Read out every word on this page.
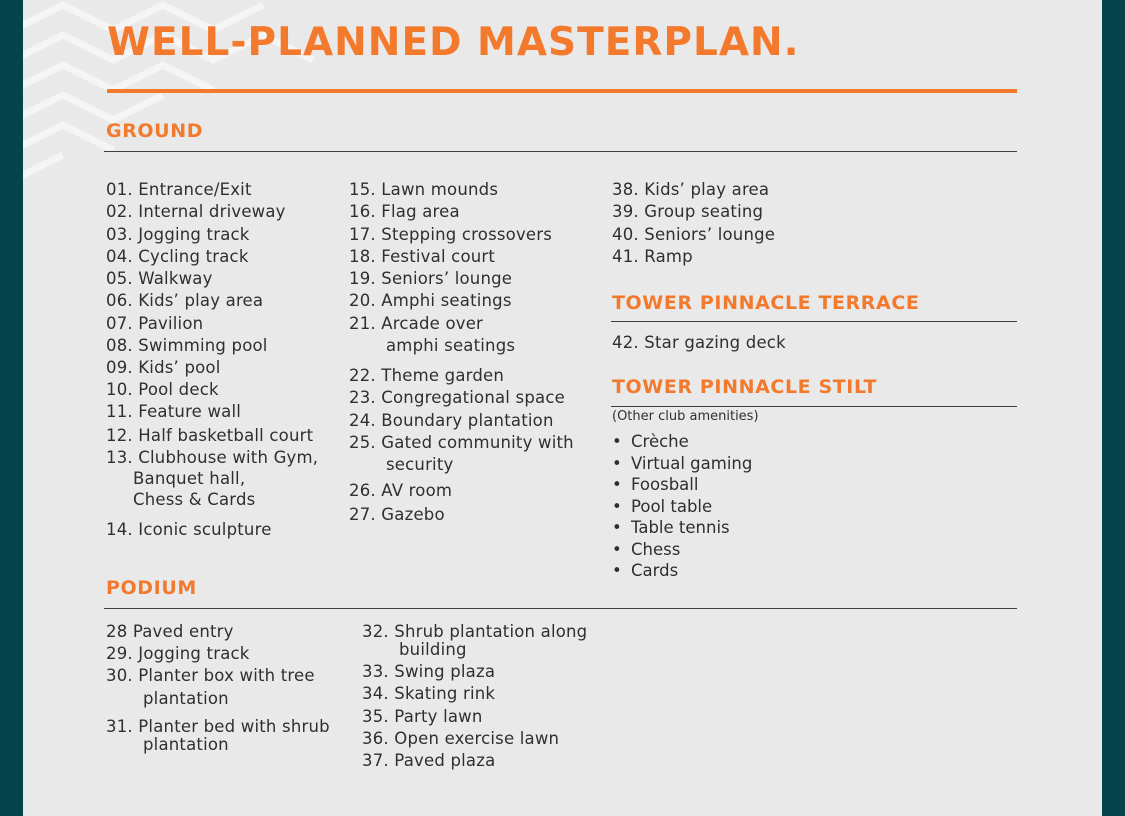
WELL-PLANNED MASTERPLAN.
GROUND
01. Entrance/Exit
02. Internal driveway
03. Jogging track
04. Cycling track
05. Walkway
06. Kids’ play area
07. Pavilion
08. Swimming pool
09. Kids’ pool
10. Pool deck
11. Feature wall
12. Half basketball court
13. Clubhouse with Gym,
Banquet hall,
Chess & Cards
14. Iconic sculpture
15. Lawn mounds
16. Flag area
17. Stepping crossovers
18. Festival court
19. Seniors’ lounge
20. Amphi seatings
21. Arcade over
amphi seatings
22. Theme garden
23. Congregational space
24. Boundary plantation
25. Gated community with
security
26. AV room
27. Gazebo
38. Kids’ play area
39. Group seating
40. Seniors’ lounge
41. Ramp
TOWER PINNACLE TERRACE
42. Star gazing deck
TOWER PINNACLE STILT
(Other club amenities)
• Crèche
• Virtual gaming
• Foosball
• Pool table
• Table tennis
• Chess
• Cards
PODIUM
28 Paved entry
29. Jogging track
30. Planter box with tree
plantation
31. Planter bed with shrub
plantation
32. Shrub plantation along
building
33. Swing plaza
34. Skating rink
35. Party lawn
36. Open exercise lawn
37. Paved plaza
